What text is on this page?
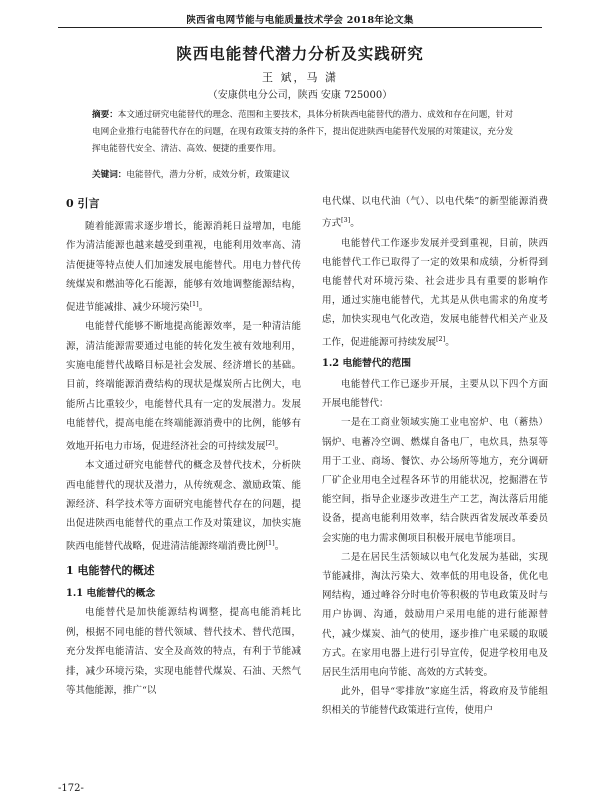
陕西省电网节能与电能质量技术学会 2018年论文集
陕西电能替代潜力分析及实践研究
王 斌，马 潇
（安康供电分公司，陕西 安康 725000）
摘要：本文通过研究电能替代的理念、范围和主要技术，具体分析陕西电能替代的潜力、成效和存在问题，针对电网企业推行电能替代存在的问题，在现有政策支持的条件下，提出促进陕西电能替代发展的对策建议，充分发挥电能替代安全、清洁、高效、便捷的重要作用。
关键词：电能替代，潜力分析，成效分析，政策建议
0 引言

随着能源需求逐步增长，能源消耗日益增加，电能作为清洁能源也越来越受到重视，电能利用效率高、清洁便捷等特点使人们加速发展电能替代。用电力替代传统煤炭和燃油等化石能源，能够有效地调整能源结构，促进节能减排、减少环境污染[1]。

电能替代能够不断地提高能源效率，是一种清洁能源，清洁能源需要通过电能的转化发生被有效地利用，实施电能替代战略目标是社会发展、经济增长的基础。目前，终端能源消费结构的现状是煤炭所占比例大，电能所占比重较少，电能替代具有一定的发展潜力。发展电能替代，提高电能在终端能源消费中的比例，能够有效地开拓电力市场，促进经济社会的可持续发展[2]。

本文通过研究电能替代的概念及替代技术，分析陕西电能替代的现状及潜力，从传统观念、激励政策、能源经济、科学技术等方面研究电能替代存在的问题，提出促进陕西电能替代的重点工作及对策建议，加快实施陕西电能替代战略，促进清洁能源终端消费比例[1]。

1 电能替代的概述
1.1 电能替代的概念

电能替代是加快能源结构调整，提高电能消耗比例，根据不同电能的替代领域、替代技术、替代范围，充分发挥电能清洁、安全及高效的特点，有利于节能减排，减少环境污染，实现电能替代煤炭、石油、天然气等其他能源，推广“以

电代煤、以电代油（气）、以电代柴”的新型能源消费方式[3]。

电能替代工作逐步发展并受到重视，目前，陕西电能替代工作已取得了一定的效果和成绩，分析得到电能替代对环境污染、社会进步具有重要的影响作用，通过实施电能替代，尤其是从供电需求的角度考虑，加快实现电气化改造，发展电能替代相关产业及工作，促进能源可持续发展[2]。

1.2 电能替代的范围

电能替代工作已逐步开展，主要从以下四个方面开展电能替代：

一是在工商业领域实施工业电窑炉、电（蓄热）锅炉、电蓄冷空调、燃煤自备电厂，电炊具，热泵等用于工业、商场、餐饮、办公场所等地方，充分调研厂矿企业用电全过程各环节的用能状况，挖掘潜在节能空间，指导企业逐步改进生产工艺，淘汰落后用能设备，提高电能利用效率，结合陕西省发展改革委员会实施的电力需求侧项目积极开展电节能项目。

二是在居民生活领域以电气化发展为基础，实现节能减排，淘汰污染大、效率低的用电设备，优化电网结构，通过峰谷分时电价等积极的节电政策及时与用户协调、沟通，鼓励用户采用电能的进行能源替代，减少煤炭、油气的使用，逐步推广电采暖的取暖方式。在家用电器上进行引导宣传，促进学校用电及居民生活用电向节能、高效的方式转变。

此外，倡导“零排放”家庭生活，将政府及节能组织相关的节能替代政策进行宣传，使用户

-172-
